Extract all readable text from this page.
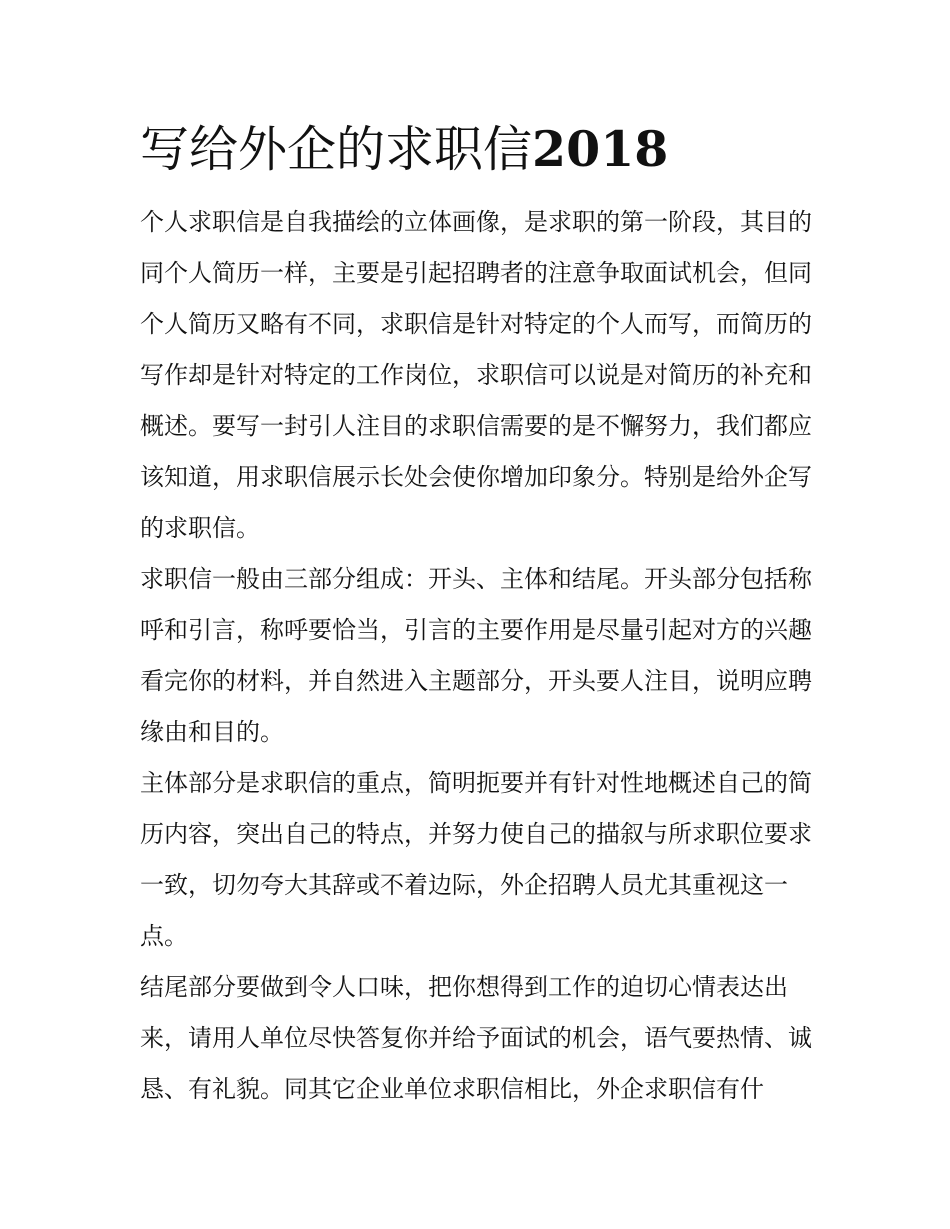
写给外企的求职信2018

个人求职信是自我描绘的立体画像，是求职的第一阶段，其目的同个人简历一样，主要是引起招聘者的注意争取面试机会，但同个人简历又略有不同，求职信是针对特定的个人而写，而简历的写作却是针对特定的工作岗位，求职信可以说是对简历的补充和概述。要写一封引人注目的求职信需要的是不懈努力，我们都应该知道，用求职信展示长处会使你增加印象分。特别是给外企写的求职信。

求职信一般由三部分组成：开头、主体和结尾。开头部分包括称呼和引言，称呼要恰当，引言的主要作用是尽量引起对方的兴趣看完你的材料，并自然进入主题部分，开头要人注目，说明应聘缘由和目的。

主体部分是求职信的重点，简明扼要并有针对性地概述自己的简历内容，突出自己的特点，并努力使自己的描叙与所求职位要求一致，切勿夸大其辞或不着边际，外企招聘人员尤其重视这一点。

结尾部分要做到令人口味，把你想得到工作的迫切心情表达出来，请用人单位尽快答复你并给予面试的机会，语气要热情、诚恳、有礼貌。同其它企业单位求职信相比，外企求职信有什
